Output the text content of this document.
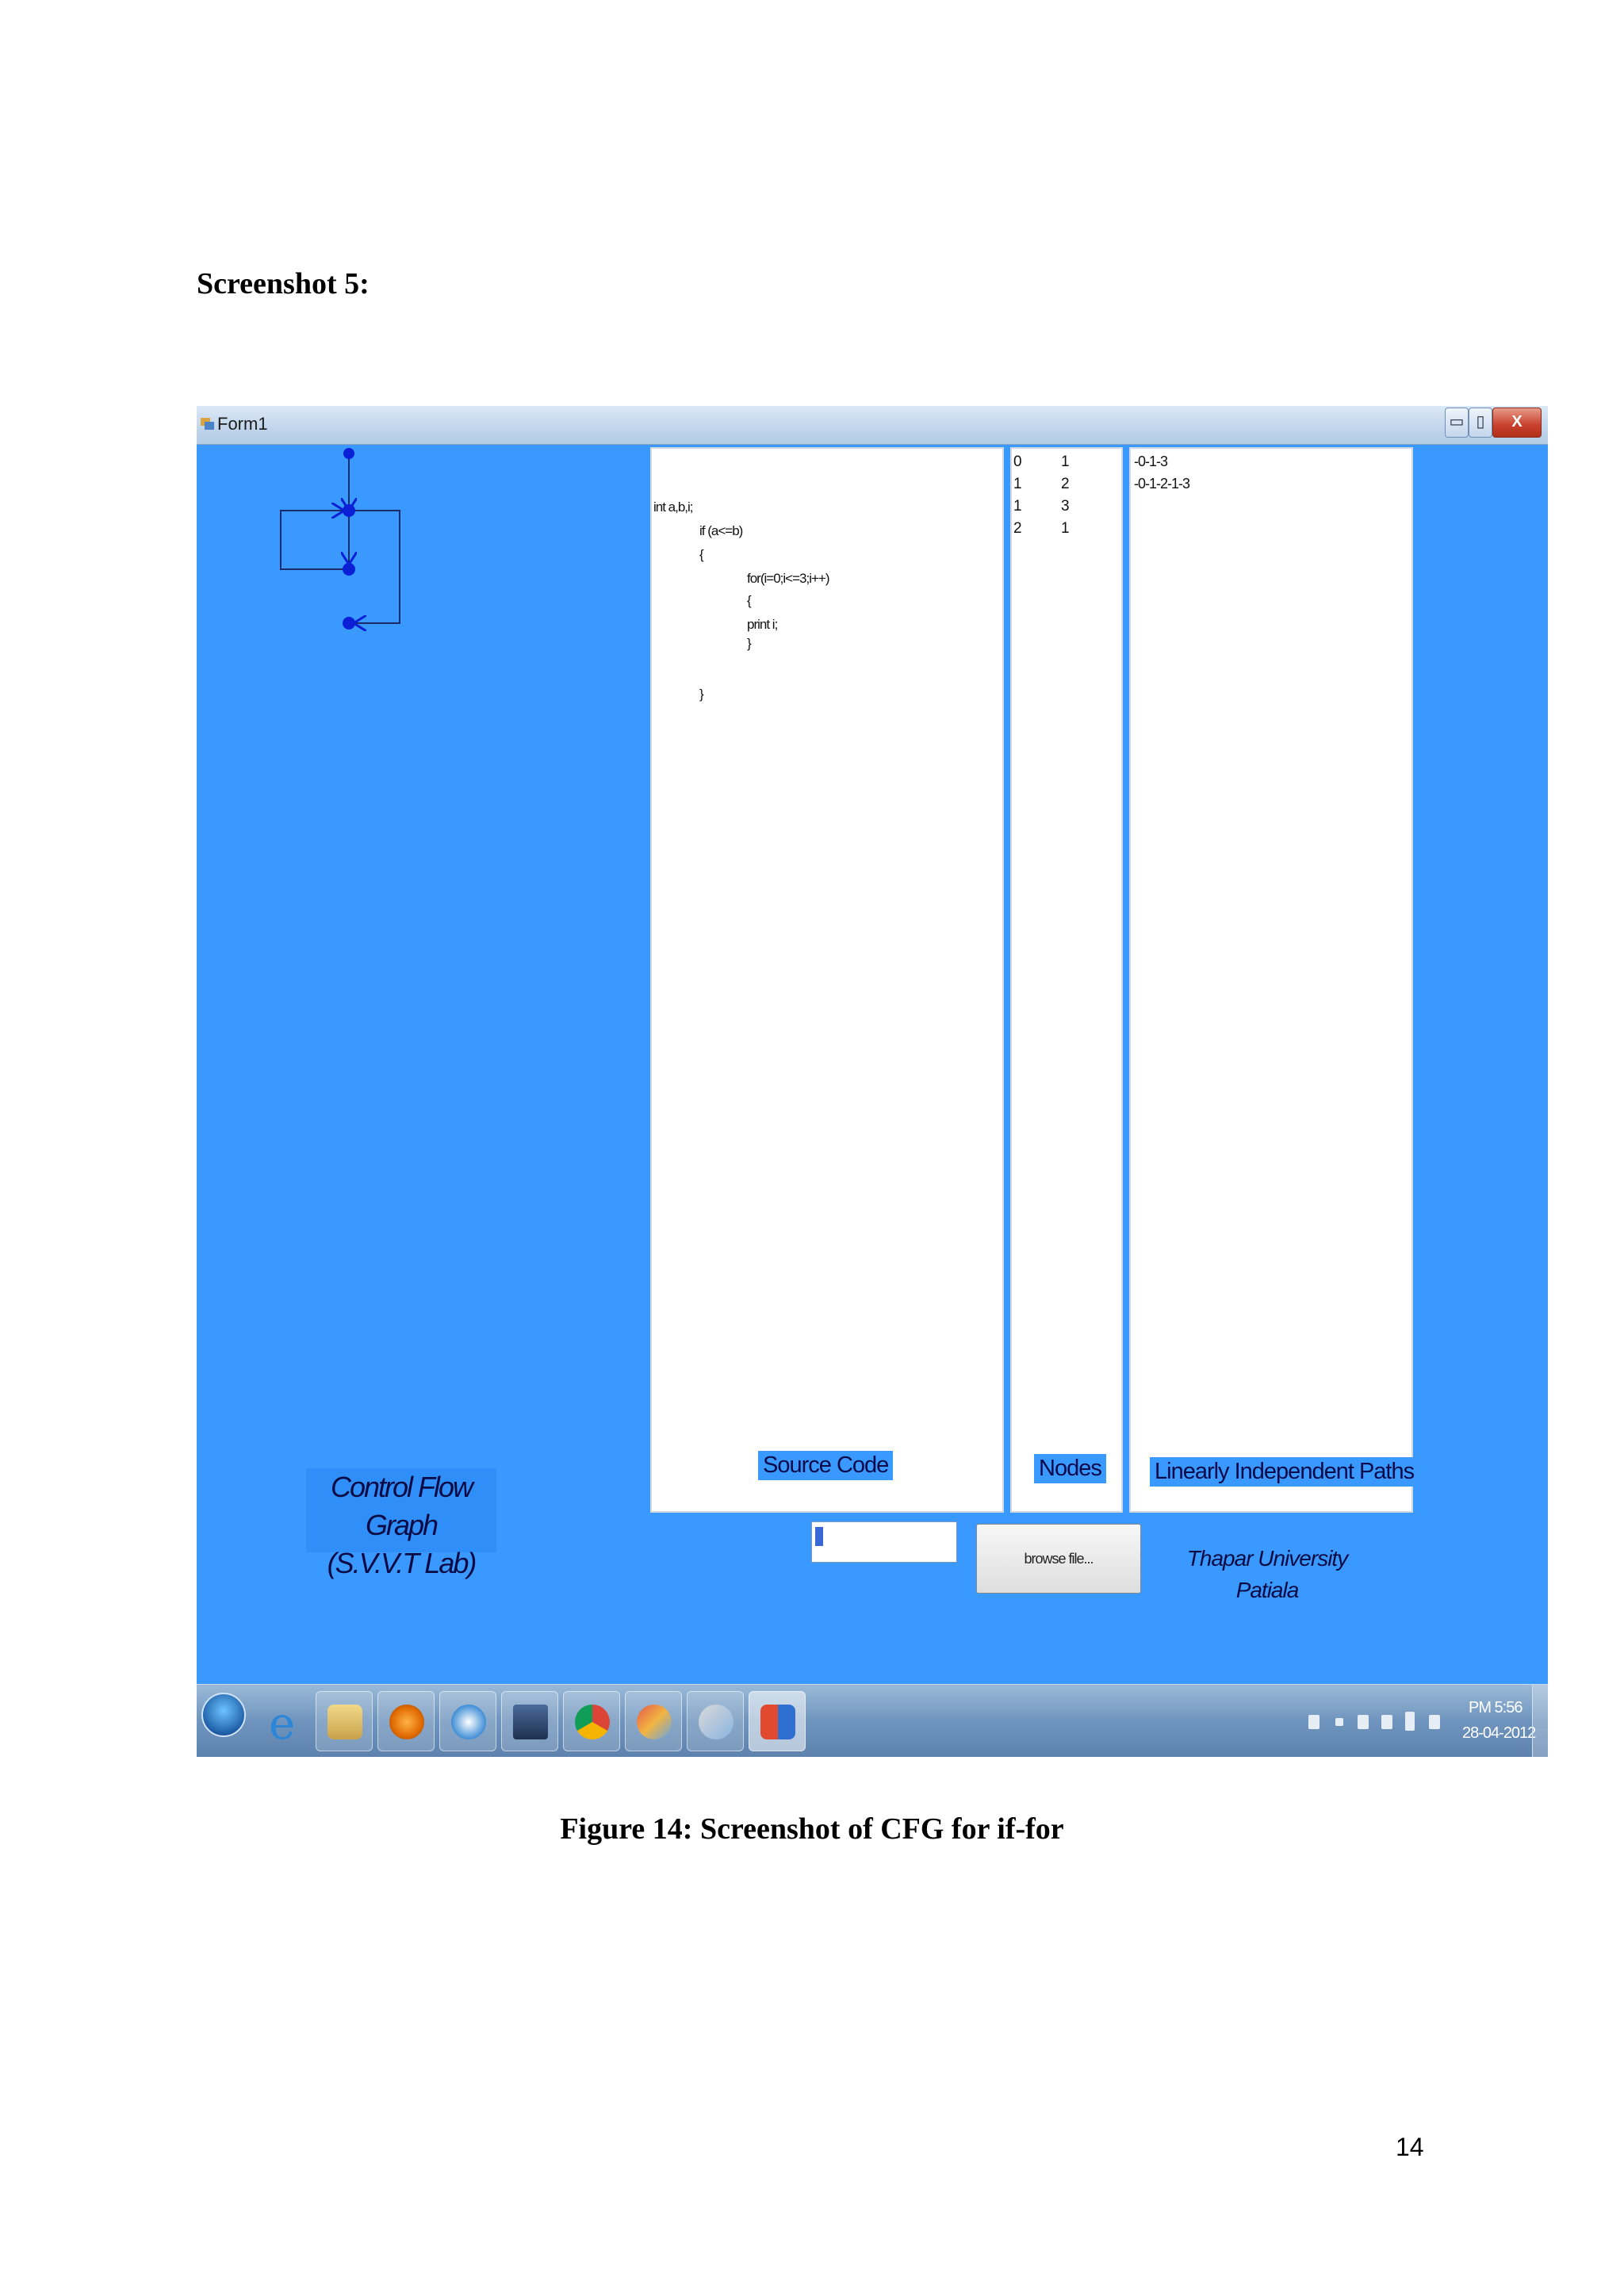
Screenshot 5:
Form1	▭ ▯	X
int a,b,i;
if (a<=b)
{
for(i=0;i<=3;i++)
{
print i;
}
}
Source Code
0	1
1	2
1	3
2	1
Nodes
-0-1-3
-0-1-2-1-3
Linearly Independent Paths
Control Flow Graph
(S.V.V.T Lab)	browse file...	Thapar University
Patiala
e	PM 5:56
28-04-2012
Figure 14: Screenshot of CFG for if-for
14
